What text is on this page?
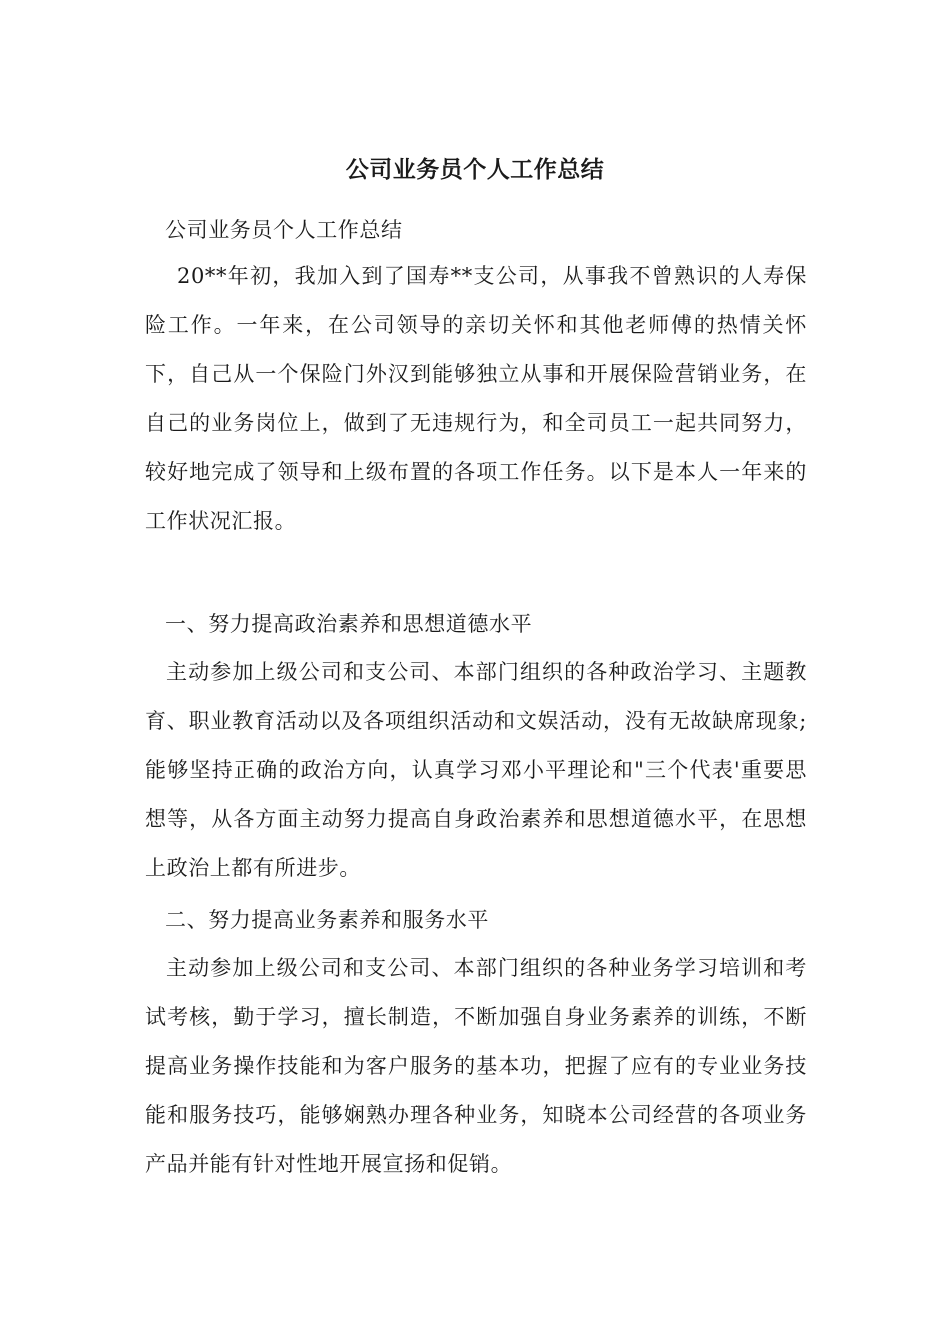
公司业务员个人工作总结
公司业务员个人工作总结
20**年初，我加入到了国寿**支公司，从事我不曾熟识的人寿保险工作。一年来，在公司领导的亲切关怀和其他老师傅的热情关怀下，自己从一个保险门外汉到能够独立从事和开展保险营销业务，在自己的业务岗位上，做到了无违规行为，和全司员工一起共同努力，较好地完成了领导和上级布置的各项工作任务。以下是本人一年来的工作状况汇报。
一、努力提高政治素养和思想道德水平
主动参加上级公司和支公司、本部门组织的各种政治学习、主题教育、职业教育活动以及各项组织活动和文娱活动，没有无故缺席现象;能够坚持正确的政治方向，认真学习邓小平理论和"三个代表'重要思想等，从各方面主动努力提高自身政治素养和思想道德水平，在思想上政治上都有所进步。
二、努力提高业务素养和服务水平
主动参加上级公司和支公司、本部门组织的各种业务学习培训和考试考核，勤于学习，擅长制造，不断加强自身业务素养的训练，不断提高业务操作技能和为客户服务的基本功，把握了应有的专业业务技能和服务技巧，能够娴熟办理各种业务，知晓本公司经营的各项业务产品并能有针对性地开展宣扬和促销。
